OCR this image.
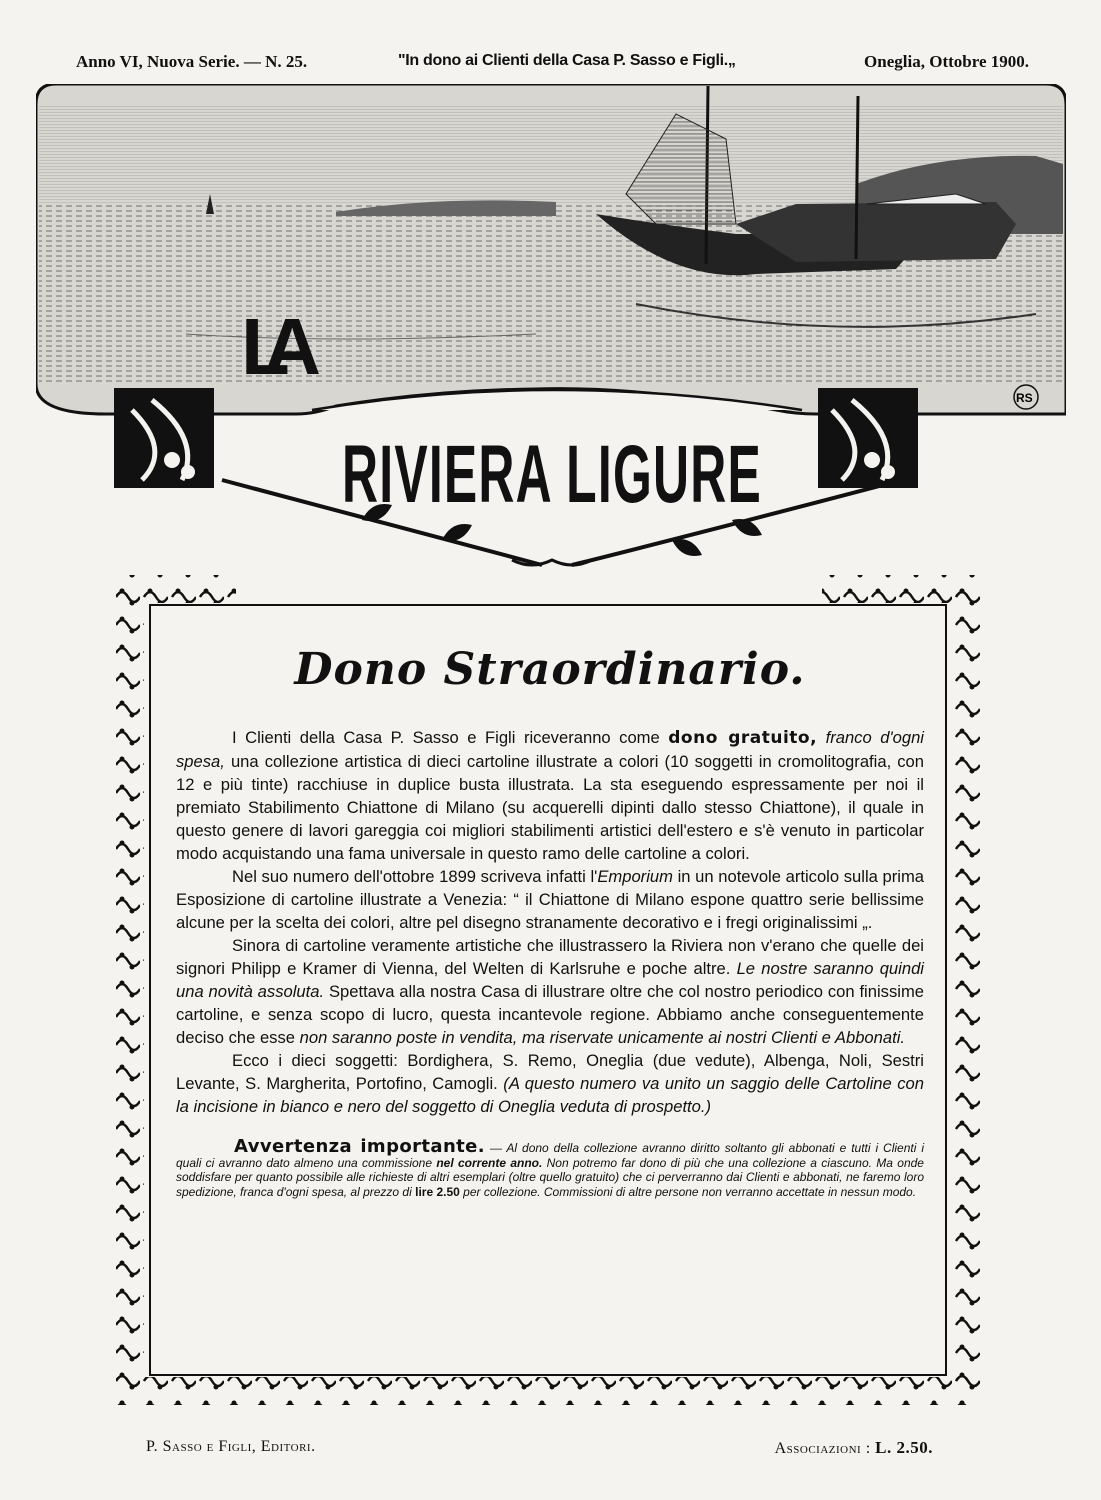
Anno VI, Nuova Serie. — N. 25.	"In dono ai Clienti della Casa P. Sasso e Figli.„	Oneglia, Ottobre 1900.
RS
LA
RIVIERA LIGURE
Dono Straordinario.

I Clienti della Casa P. Sasso e Figli riceveranno come dono gratuito, franco d'ogni spesa, una collezione artistica di dieci cartoline illustrate a colori (10 soggetti in cromolitografia, con 12 e più tinte) racchiuse in duplice busta illustrata. La sta eseguendo espressamente per noi il premiato Stabilimento Chiattone di Milano (su acquerelli dipinti dallo stesso Chiattone), il quale in questo genere di lavori gareggia coi migliori stabilimenti artistici dell'estero e s'è venuto in particolar modo acquistando una fama universale in questo ramo delle cartoline a colori.

Nel suo numero dell'ottobre 1899 scriveva infatti l'Emporium in un notevole articolo sulla prima Esposizione di cartoline illustrate a Venezia: “ il Chiattone di Milano espone quattro serie bellissime alcune per la scelta dei colori, altre pel disegno stranamente decorativo e i fregi originalissimi „.

Sinora di cartoline veramente artistiche che illustrassero la Riviera non v'erano che quelle dei signori Philipp e Kramer di Vienna, del Welten di Karlsruhe e poche altre. Le nostre saranno quindi una novità assoluta. Spettava alla nostra Casa di illustrare oltre che col nostro periodico con finissime cartoline, e senza scopo di lucro, questa incantevole regione. Abbiamo anche conseguentemente deciso che esse non saranno poste in vendita, ma riservate unicamente ai nostri Clienti e Abbonati.

Ecco i dieci soggetti: Bordighera, S. Remo, Oneglia (due vedute), Albenga, Noli, Sestri Levante, S. Margherita, Portofino, Camogli. (A questo numero va unito un saggio delle Cartoline con la incisione in bianco e nero del soggetto di Oneglia veduta di prospetto.)

Avvertenza importante. — Al dono della collezione avranno diritto soltanto gli abbonati e tutti i Clienti i quali ci avranno dato almeno una commissione nel corrente anno. Non potremo far dono di più che una collezione a ciascuno. Ma onde soddisfare per quanto possibile alle richieste di altri esemplari (oltre quello gratuito) che ci perverranno dai Clienti e abbonati, ne faremo loro spedizione, franca d'ogni spesa, al prezzo di lire 2.50 per collezione. Commissioni di altre persone non verranno accettate in nessun modo.
P. Sasso e Figli, Editori.	Associazioni : L. 2.50.
